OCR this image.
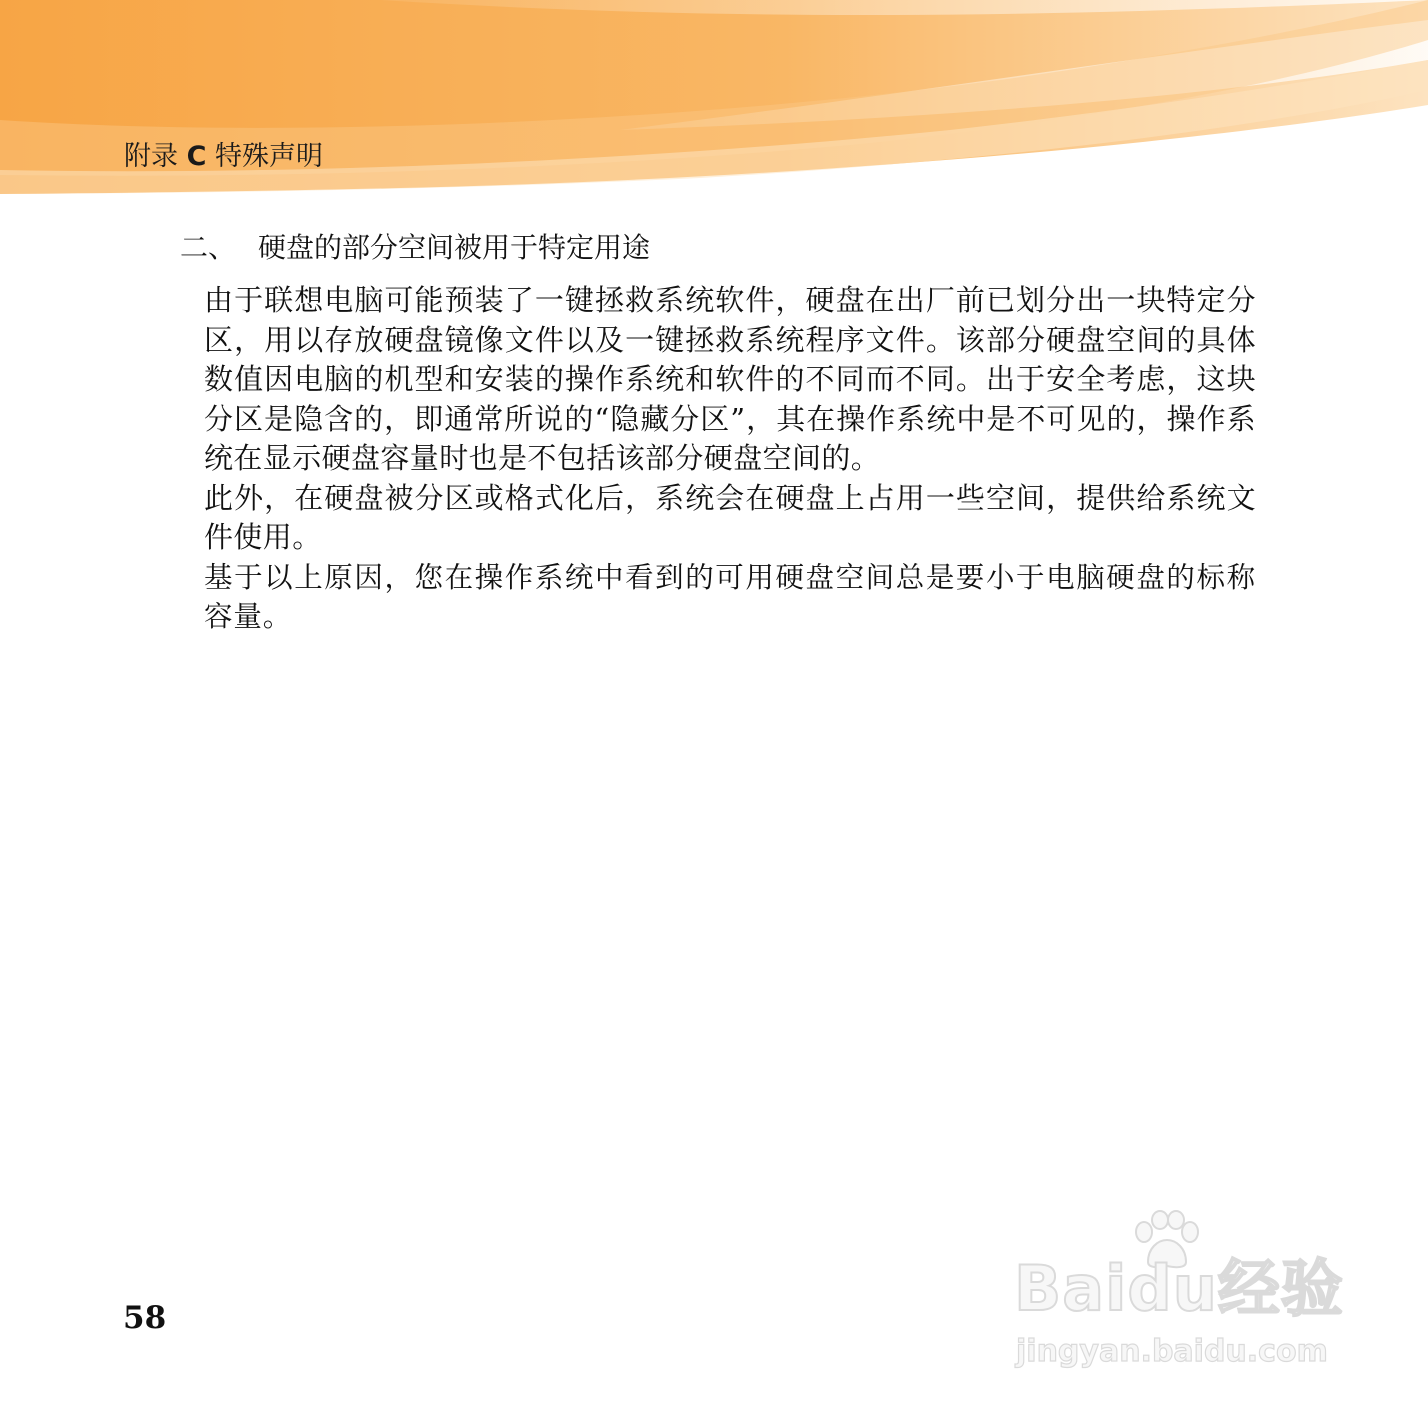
附录 C 特殊声明
二、 硬盘的部分空间被用于特定用途

由于联想电脑可能预装了一键拯救系统软件，硬盘在出厂前已划分出一块特定分区，用以存放硬盘镜像文件以及一键拯救系统程序文件。该部分硬盘空间的具体数值因电脑的机型和安装的操作系统和软件的不同而不同。出于安全考虑，这块分区是隐含的，即通常所说的“隐藏分区”，其在操作系统中是不可见的，操作系统在显示硬盘容量时也是不包括该部分硬盘空间的。

此外，在硬盘被分区或格式化后，系统会在硬盘上占用一些空间，提供给系统文件使用。

基于以上原因，您在操作系统中看到的可用硬盘空间总是要小于电脑硬盘的标称容量。

58	Baidu经验
jingyan.baidu.com
